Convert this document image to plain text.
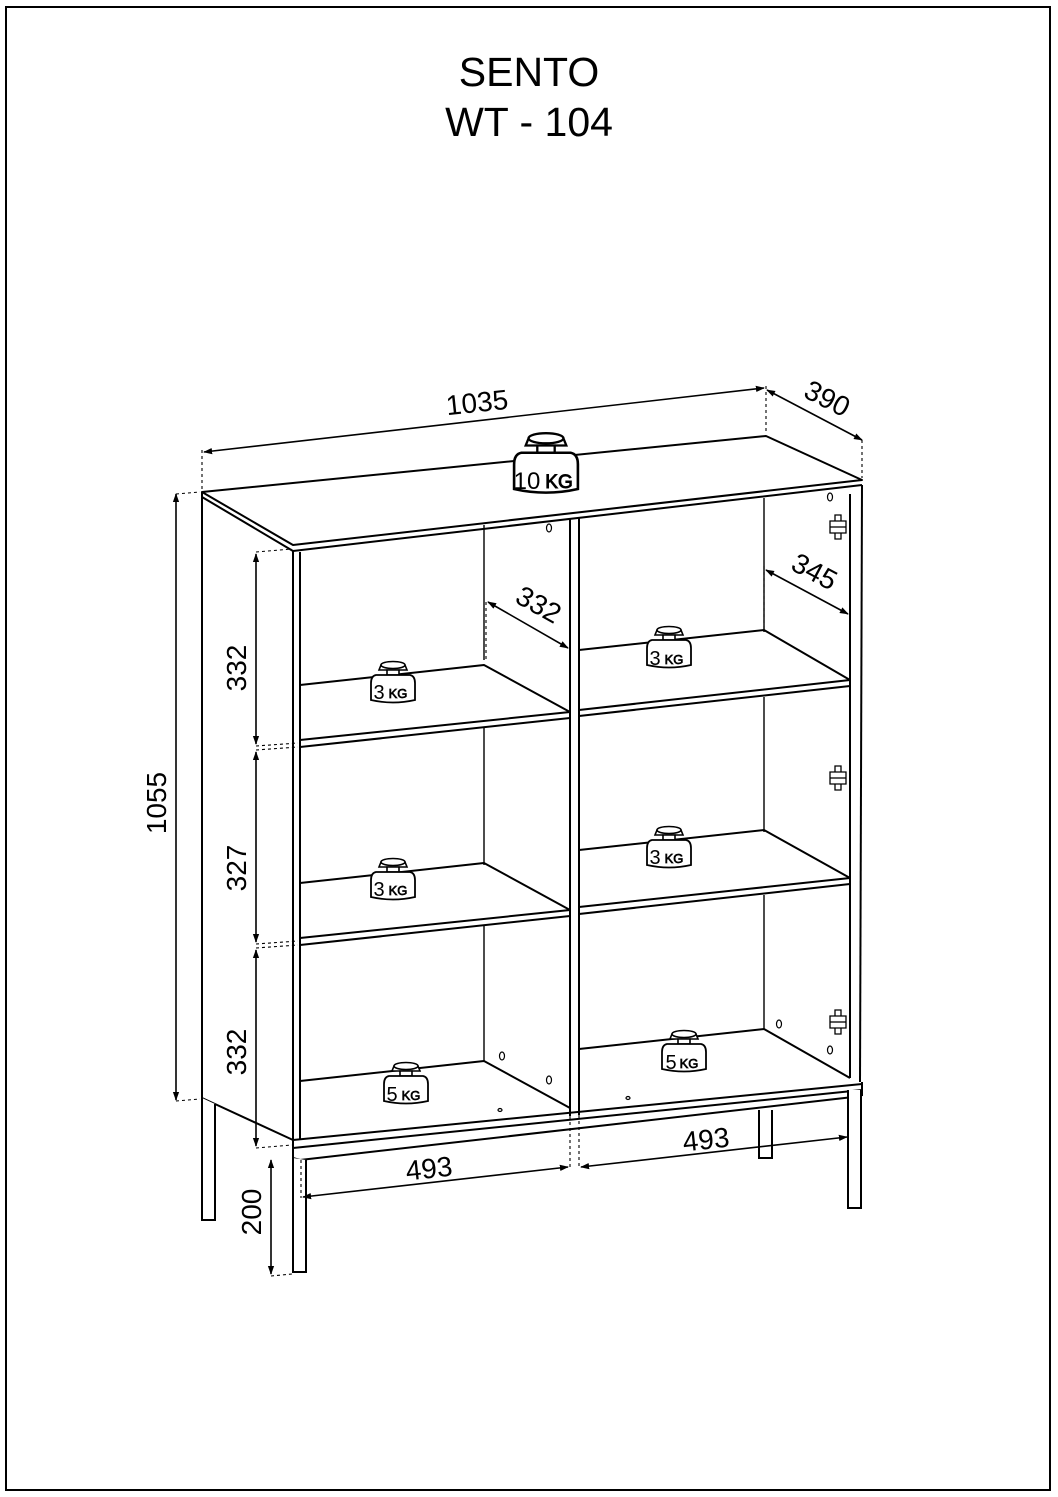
SENTO
WT - 104
1035	390
1055
332
327
332
200
332
345
493
493
10 KG
3 KG
3 KG
5 KG
3 KG
3 KG
5 KG
